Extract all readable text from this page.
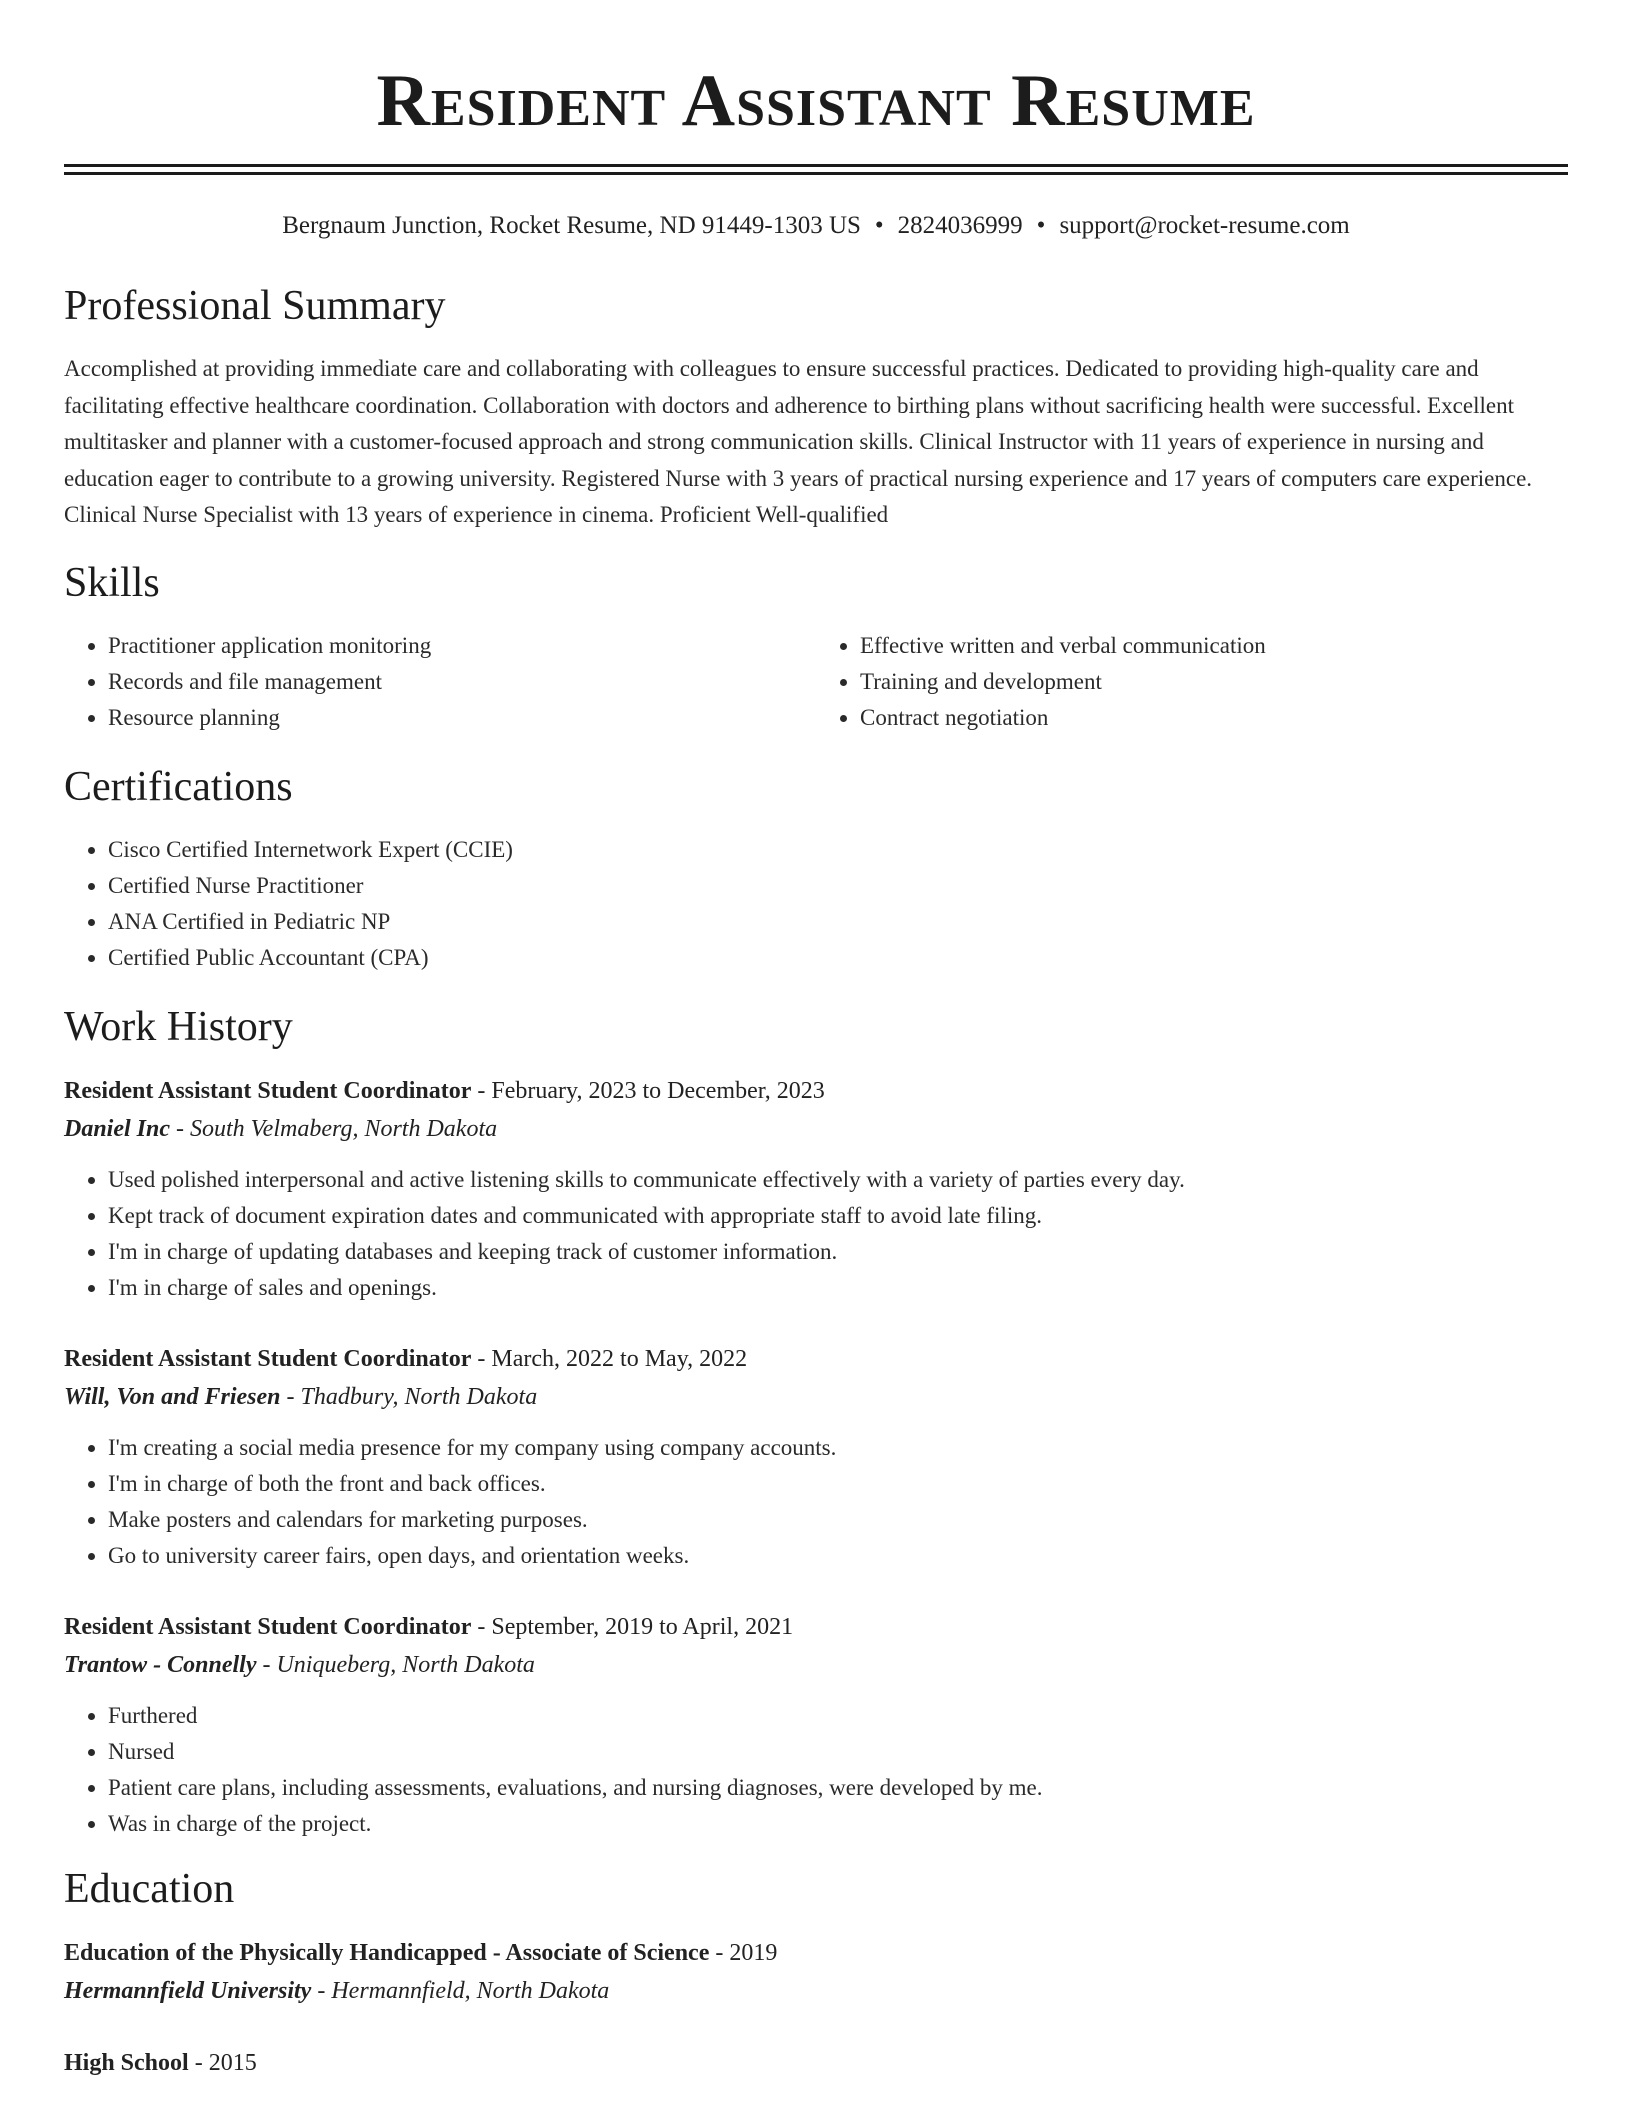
Resident Assistant Resume
Bergnaum Junction, Rocket Resume, ND 91449-1303 US • 2824036999 • support@rocket-resume.com
Professional Summary

Accomplished at providing immediate care and collaborating with colleagues to ensure successful practices. Dedicated to providing high-quality care and facilitating effective healthcare coordination. Collaboration with doctors and adherence to birthing plans without sacrificing health were successful. Excellent multitasker and planner with a customer-focused approach and strong communication skills. Clinical Instructor with 11 years of experience in nursing and education eager to contribute to a growing university. Registered Nurse with 3 years of practical nursing experience and 17 years of computers care experience. Clinical Nurse Specialist with 13 years of experience in cinema. Proficient Well-qualified

Skills
• Practitioner application monitoring
• Records and file management
• Resource planning
• Effective written and verbal communication
• Training and development
• Contract negotiation
Certifications
• Cisco Certified Internetwork Expert (CCIE)
• Certified Nurse Practitioner
• ANA Certified in Pediatric NP
• Certified Public Accountant (CPA)
Work History
Resident Assistant Student Coordinator - February, 2023 to December, 2023
Daniel Inc - South Velmaberg, North Dakota
• Used polished interpersonal and active listening skills to communicate effectively with a variety of parties every day.
• Kept track of document expiration dates and communicated with appropriate staff to avoid late filing.
• I'm in charge of updating databases and keeping track of customer information.
• I'm in charge of sales and openings.
Resident Assistant Student Coordinator - March, 2022 to May, 2022
Will, Von and Friesen - Thadbury, North Dakota
• I'm creating a social media presence for my company using company accounts.
• I'm in charge of both the front and back offices.
• Make posters and calendars for marketing purposes.
• Go to university career fairs, open days, and orientation weeks.
Resident Assistant Student Coordinator - September, 2019 to April, 2021
Trantow - Connelly - Uniqueberg, North Dakota
• Furthered
• Nursed
• Patient care plans, including assessments, evaluations, and nursing diagnoses, were developed by me.
• Was in charge of the project.
Education
Education of the Physically Handicapped - Associate of Science - 2019
Hermannfield University - Hermannfield, North Dakota
High School - 2015
